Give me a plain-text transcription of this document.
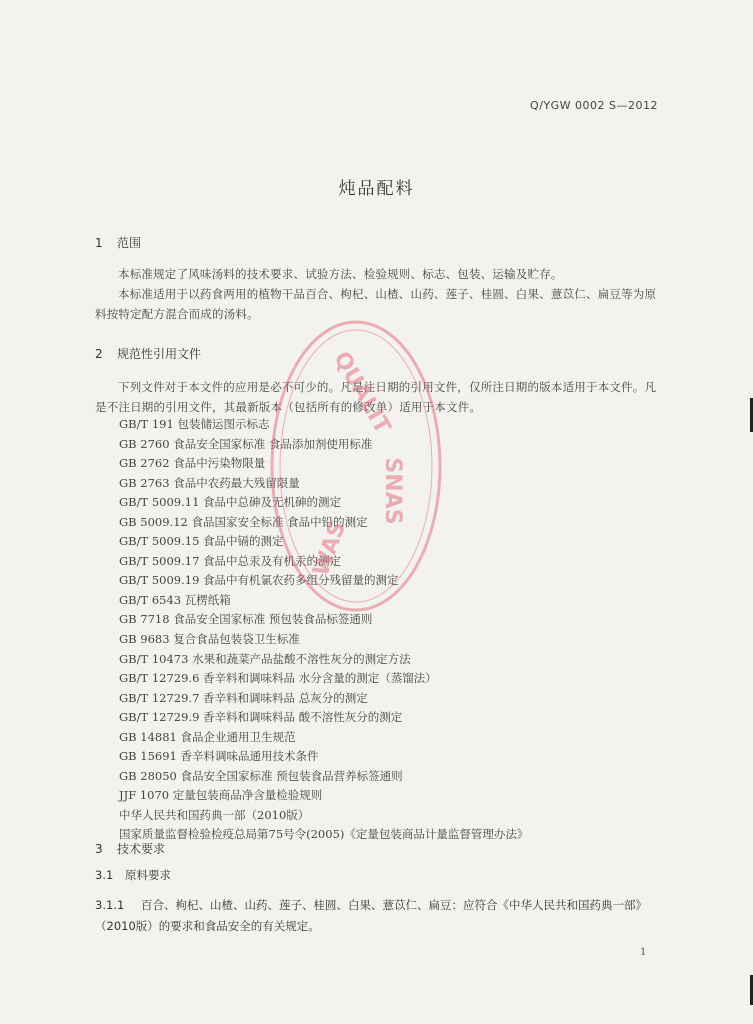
Q/YGW 0002 S—2012
炖品配料
1 范围
本标准规定了风味汤料的技术要求、试验方法、检验规则、标志、包装、运输及贮存。
本标准适用于以药食两用的植物干品百合、枸杞、山楂、山药、莲子、桂圆、白果、薏苡仁、扁豆等为原料按特定配方混合而成的汤料。
2 规范性引用文件
下列文件对于本文件的应用是必不可少的。凡是注日期的引用文件，仅所注日期的版本适用于本文件。凡是不注日期的引用文件，其最新版本（包括所有的修改单）适用于本文件。
GB/T 191 包装储运图示标志
GB 2760 食品安全国家标准 食品添加剂使用标准
GB 2762 食品中污染物限量
GB 2763 食品中农药最大残留限量
GB/T 5009.11 食品中总砷及无机砷的测定
GB 5009.12 食品国家安全标准 食品中铅的测定
GB/T 5009.15 食品中镉的测定
GB/T 5009.17 食品中总汞及有机汞的测定
GB/T 5009.19 食品中有机氯农药多组分残留量的测定
GB/T 6543 瓦楞纸箱
GB 7718 食品安全国家标准 预包装食品标签通则
GB 9683 复合食品包装袋卫生标准
GB/T 10473 水果和蔬菜产品盐酸不溶性灰分的测定方法
GB/T 12729.6 香辛料和调味料品 水分含量的测定（蒸馏法）
GB/T 12729.7 香辛料和调味料品 总灰分的测定
GB/T 12729.9 香辛料和调味料品 酸不溶性灰分的测定
GB 14881 食品企业通用卫生规范
GB 15691 香辛料调味品通用技术条件
GB 28050 食品安全国家标准 预包装食品营养标签通则
JJF 1070 定量包装商品净含量检验规则
中华人民共和国药典一部（2010版）
国家质量监督检验检疫总局第75号令(2005)《定量包装商品计量监督管理办法》
3 技术要求
3.1 原料要求
3.1.1 百合、枸杞、山楂、山药、莲子、桂圆、白果、薏苡仁、扁豆：应符合《中华人民共和国药典一部》（2010版）的要求和食品安全的有关规定。
1
QUALIT
SNAS
WAS
